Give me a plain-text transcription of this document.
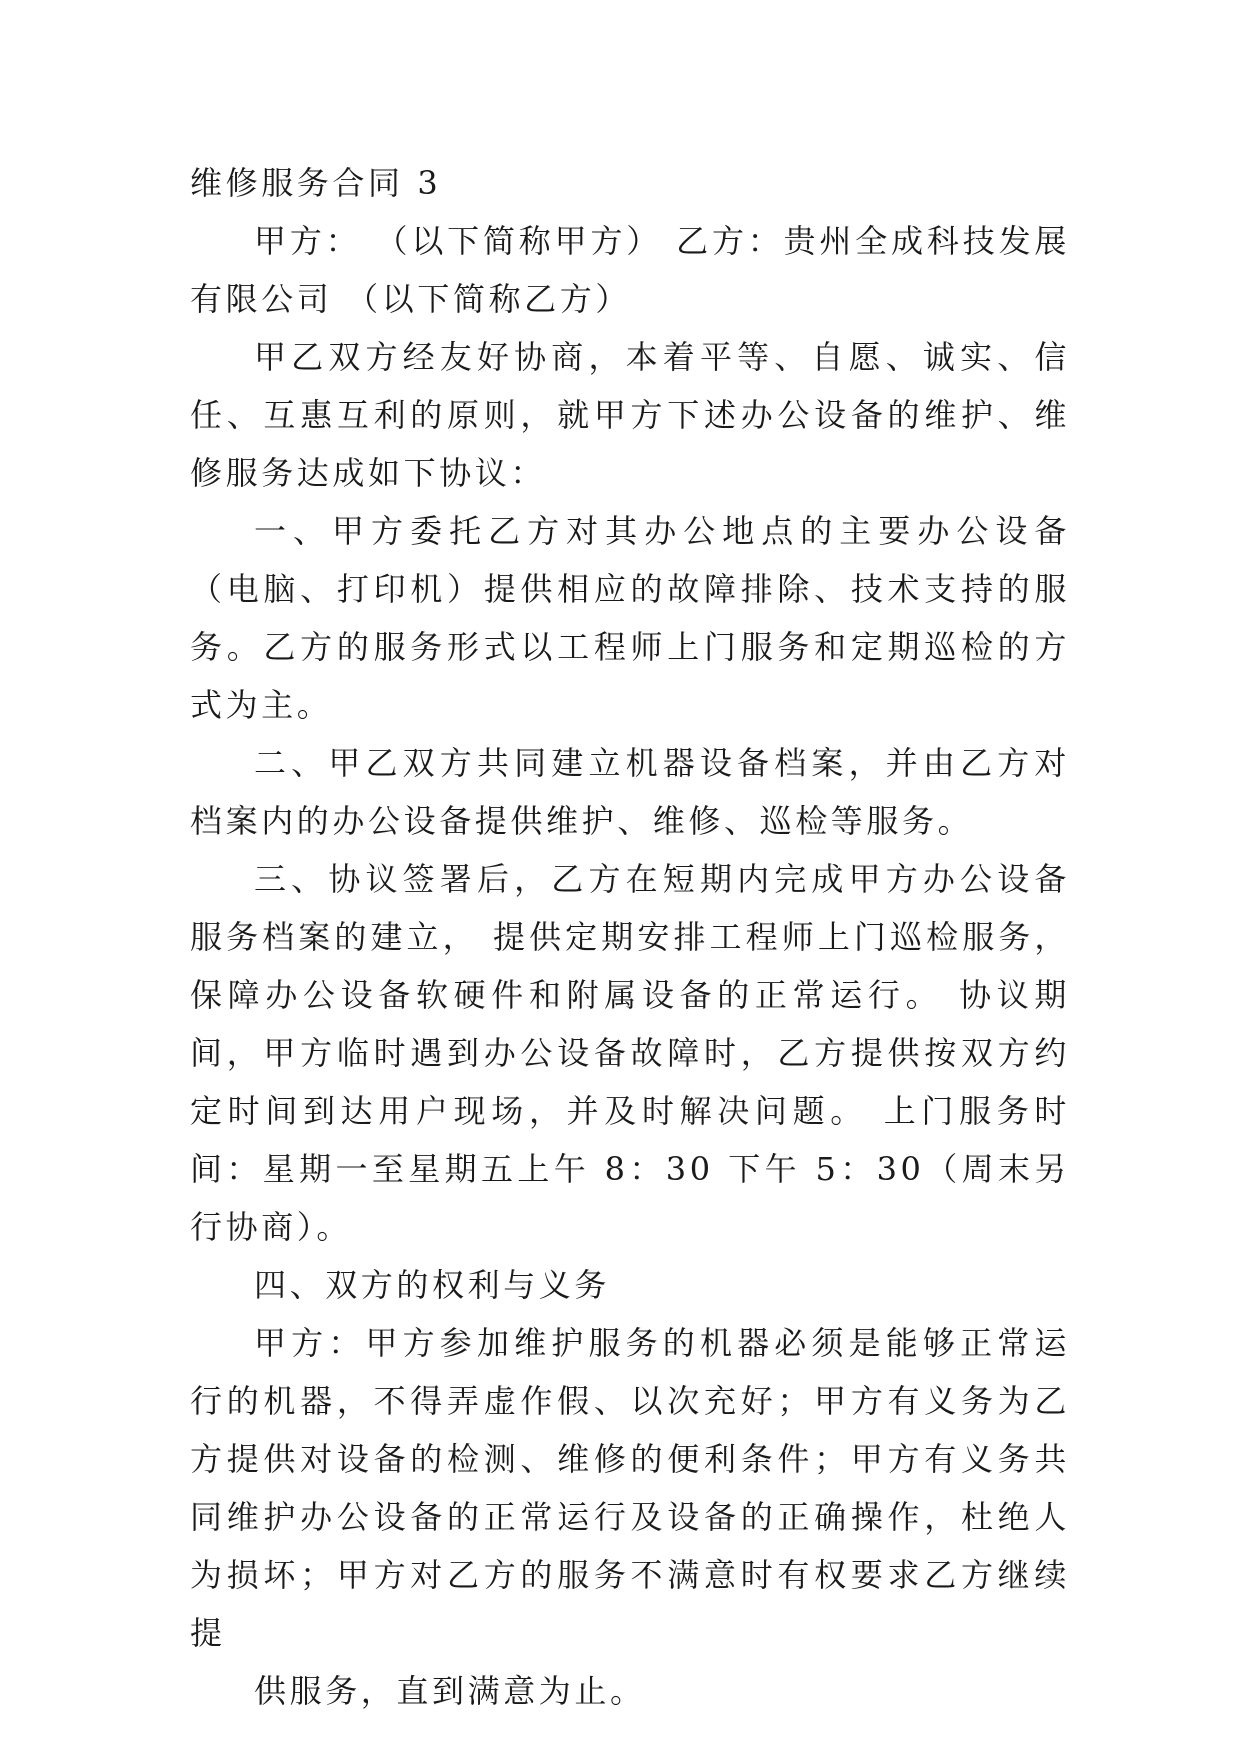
维修服务合同 3

甲方： （以下简称甲方） 乙方：贵州全成科技发展有限公司 （以下简称乙方）

甲乙双方经友好协商，本着平等、自愿、诚实、信任、互惠互利的原则，就甲方下述办公设备的维护、维修服务达成如下协议：

一、甲方委托乙方对其办公地点的主要办公设备（电脑、打印机）提供相应的故障排除、技术支持的服务。乙方的服务形式以工程师上门服务和定期巡检的方式为主。

二、甲乙双方共同建立机器设备档案，并由乙方对档案内的办公设备提供维护、维修、巡检等服务。

三、协议签署后，乙方在短期内完成甲方办公设备服务档案的建立， 提供定期安排工程师上门巡检服务，保障办公设备软硬件和附属设备的正常运行。 协议期间，甲方临时遇到办公设备故障时，乙方提供按双方约定时间到达用户现场，并及时解决问题。 上门服务时间：星期一至星期五上午 8：30 下午 5：30（周末另行协商）。

四、双方的权利与义务

甲方：甲方参加维护服务的机器必须是能够正常运行的机器，不得弄虚作假、以次充好；甲方有义务为乙方提供对设备的检测、维修的便利条件；甲方有义务共同维护办公设备的正常运行及设备的正确操作，杜绝人为损坏；甲方对乙方的服务不满意时有权要求乙方继续提

供服务，直到满意为止。
